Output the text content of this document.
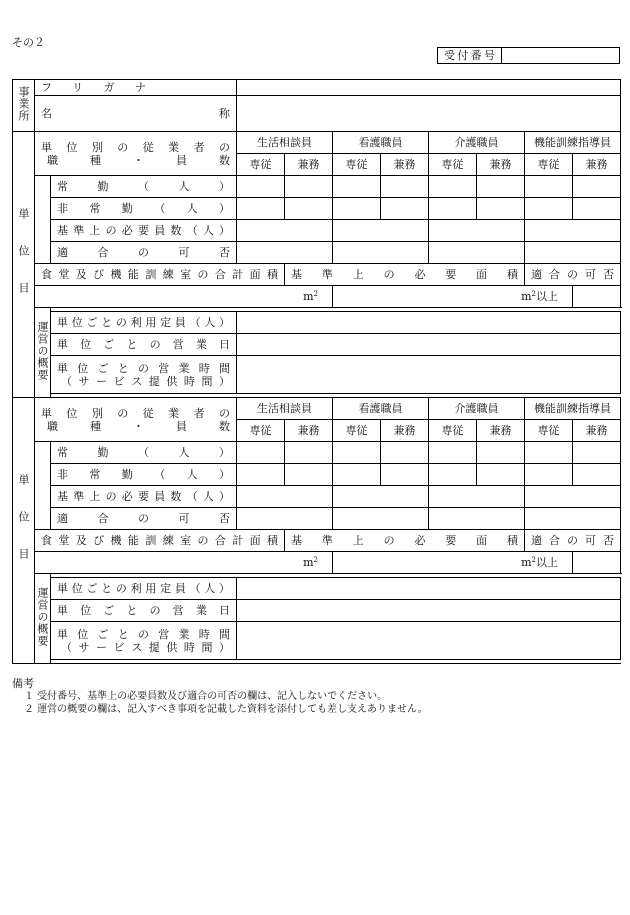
その２
受付番号	
事業所	フリガナ									
	名称									
単位目	単位別の従業者の
職種・員数		生活相談員		看護職員		介護職員		機能訓練指導員	
			専従	兼務	専従	兼務	専従	兼務	専従	兼務
		常勤（人）								
		非常勤（人）								
		基準上の必要員数（人）								
		適合の可否								
	食堂及び機能訓練室の合計面積			基準上の必要面積					適合の可否	
	$m^2$				$m^2$以上					
	運営の概要									
		単位ごとの利用定員（人）								
		単位ごとの営業日								

		単位ごとの営業時間
（サービス提供時間）								

単位目	単位別の従業者の
職種・員数		生活相談員		看護職員		介護職員		機能訓練指導員	
			専従	兼務	専従	兼務	専従	兼務	専従	兼務
		常勤（人）								
		非常勤（人）								
		基準上の必要員数（人）								
		適合の可否								
	食堂及び機能訓練室の合計面積			基準上の必要面積					適合の可否	
	$m^2$				$m^2$以上					
	運営の概要									
		単位ごとの利用定員（人）								
		単位ごとの営業日								

		単位ごとの営業時間
（サービス提供時間）								

備考
１ 受付番号、基準上の必要員数及び適合の可否の欄は、記入しないでください。
２ 運営の概要の欄は、記入すべき事項を記載した資料を添付しても差し支えありません。
